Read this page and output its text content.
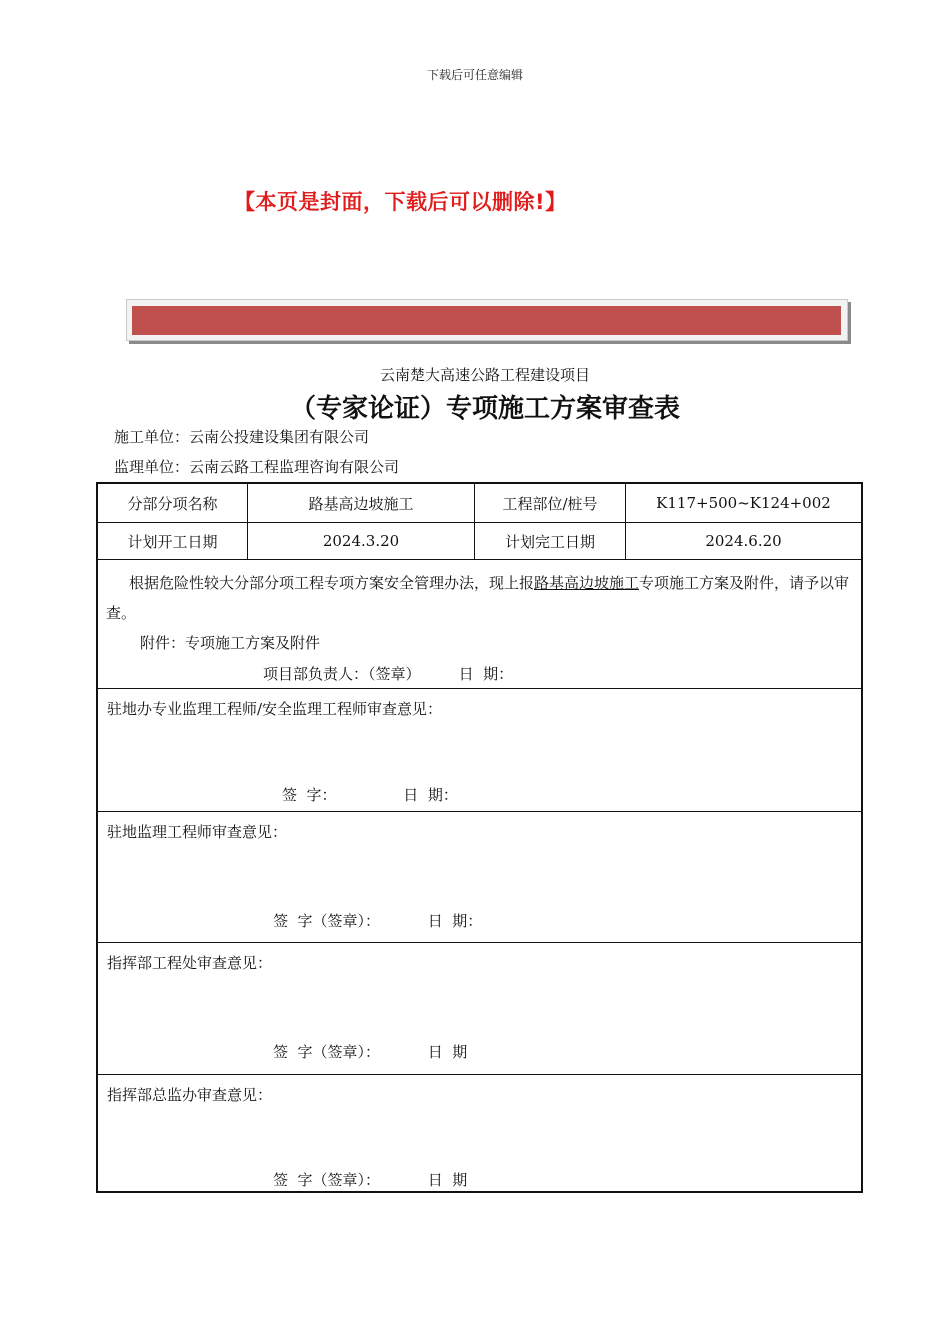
下载后可任意编辑
【本页是封面，下载后可以删除!】
云南楚大高速公路工程建设项目
（专家论证）专项施工方案审查表
施工单位：云南公投建设集团有限公司
监理单位：云南云路工程监理咨询有限公司
分部分项名称	路基高边坡施工	工程部位/桩号	K117+500~K124+002
计划开工日期	2024.3.20	计划完工日期	2024.6.20
根据危险性较大分部分项工程专项方案安全管理办法，现上报路基高边坡施工专项施工方案及附件，请予以审查。
附件：专项施工方案及附件
项目部负责人：（签章）        日  期：
驻地办专业监理工程师/安全监理工程师审查意见：
签  字：              日  期：
驻地监理工程师审查意见：
签  字（签章）：          日  期：
指挥部工程处审查意见：
签  字（签章）：          日  期
指挥部总监办审查意见：
签  字（签章）：          日  期
